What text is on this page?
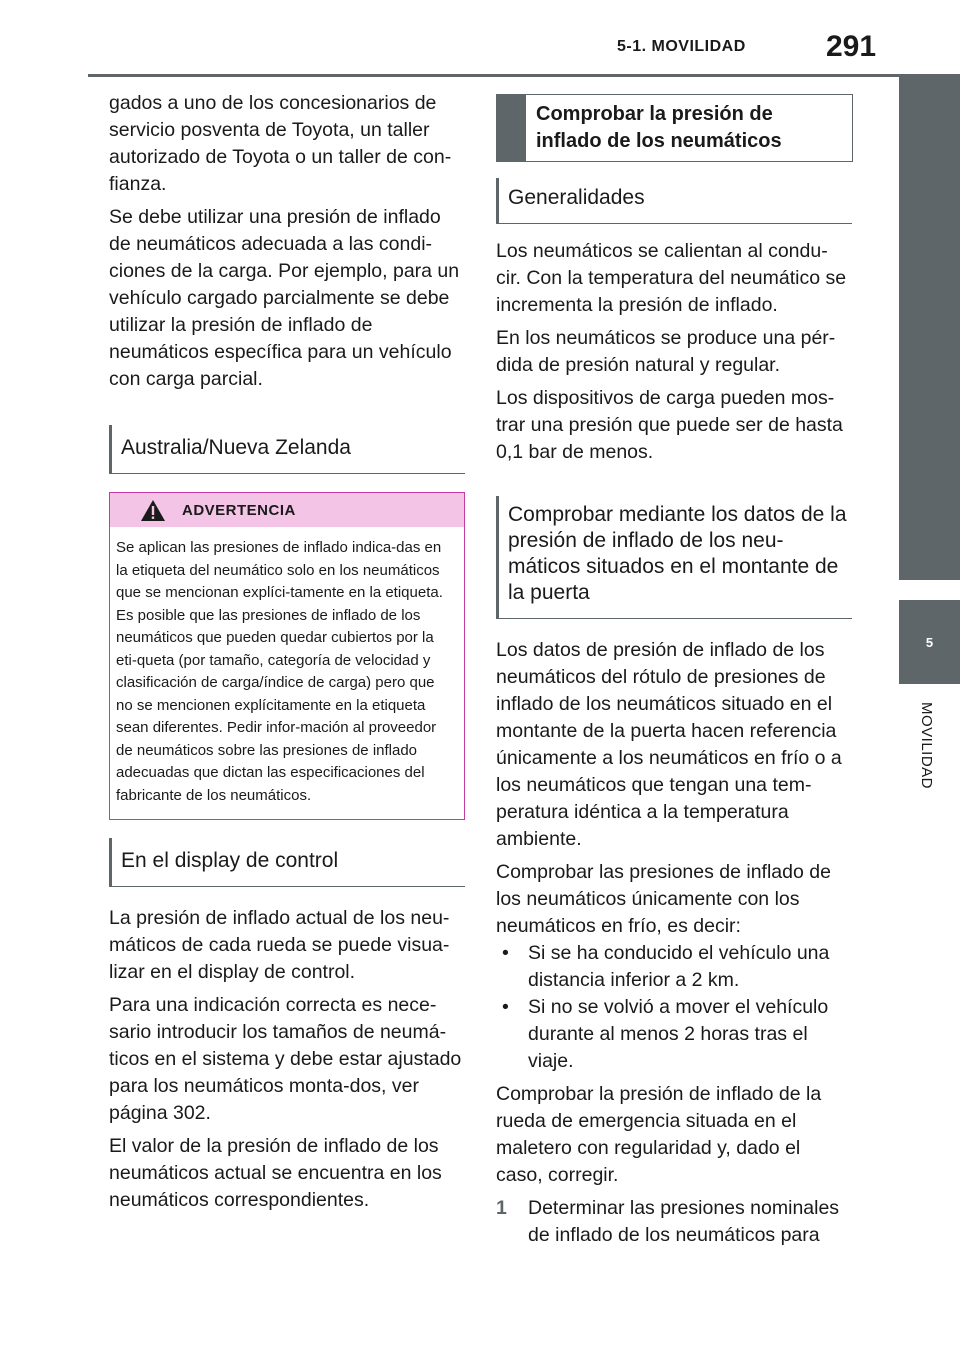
5-1. MOVILIDAD	291
5
MOVILIDAD

gados a uno de los concesionarios de servicio posventa de Toyota, un taller autorizado de Toyota o un taller de con-fianza.

Se debe utilizar una presión de inflado de neumáticos adecuada a las condi-ciones de la carga. Por ejemplo, para un vehículo cargado parcialmente se debe utilizar la presión de inflado de neumáticos específica para un vehículo con carga parcial.

Australia/Nueva Zelanda
ADVERTENCIA
Se aplican las presiones de inflado indica-das en la etiqueta del neumático solo en los neumáticos que se mencionan explíci-tamente en la etiqueta. Es posible que las presiones de inflado de los neumáticos que pueden quedar cubiertos por la eti-queta (por tamaño, categoría de velocidad y clasificación de carga/índice de carga) pero que no se mencionen explícitamente en la etiqueta sean diferentes. Pedir infor-mación al proveedor de neumáticos sobre las presiones de inflado adecuadas que dictan las especificaciones del fabricante de los neumáticos.
En el display de control

La presión de inflado actual de los neu-máticos de cada rueda se puede visua-lizar en el display de control.

Para una indicación correcta es nece-sario introducir los tamaños de neumá-ticos en el sistema y debe estar ajustado para los neumáticos monta-dos, ver página 302.

El valor de la presión de inflado de los neumáticos actual se encuentra en los neumáticos correspondientes.

Comprobar la presión de inflado de los neumáticos
Generalidades

Los neumáticos se calientan al condu-cir. Con la temperatura del neumático se incrementa la presión de inflado.

En los neumáticos se produce una pér-dida de presión natural y regular.

Los dispositivos de carga pueden mos-trar una presión que puede ser de hasta 0,1 bar de menos.

Comprobar mediante los datos de la presión de inflado de los neu-máticos situados en el montante de la puerta

Los datos de presión de inflado de los neumáticos del rótulo de presiones de inflado de los neumáticos situado en el montante de la puerta hacen referencia únicamente a los neumáticos en frío o a los neumáticos que tengan una tem-peratura idéntica a la temperatura ambiente.

Comprobar las presiones de inflado de los neumáticos únicamente con los neumáticos en frío, es decir:

• Si se ha conducido el vehículo una distancia inferior a 2 km.
• Si no se volvió a mover el vehículo durante al menos 2 horas tras el viaje.

Comprobar la presión de inflado de la rueda de emergencia situada en el maletero con regularidad y, dado el caso, corregir.

1	Determinar las presiones nominales de inflado de los neumáticos para
